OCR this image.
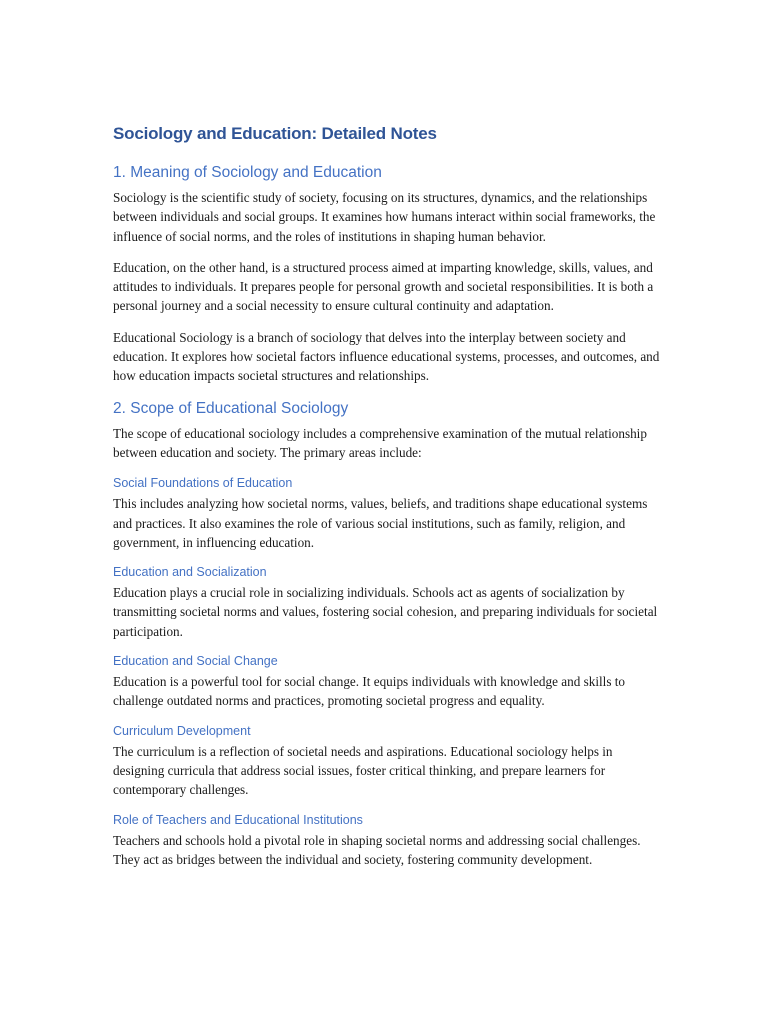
Sociology and Education: Detailed Notes
1. Meaning of Sociology and Education

Sociology is the scientific study of society, focusing on its structures, dynamics, and the relationships between individuals and social groups. It examines how humans interact within social frameworks, the influence of social norms, and the roles of institutions in shaping human behavior.

Education, on the other hand, is a structured process aimed at imparting knowledge, skills, values, and attitudes to individuals. It prepares people for personal growth and societal responsibilities. It is both a personal journey and a social necessity to ensure cultural continuity and adaptation.

Educational Sociology is a branch of sociology that delves into the interplay between society and education. It explores how societal factors influence educational systems, processes, and outcomes, and how education impacts societal structures and relationships.

2. Scope of Educational Sociology

The scope of educational sociology includes a comprehensive examination of the mutual relationship between education and society. The primary areas include:

Social Foundations of Education

This includes analyzing how societal norms, values, beliefs, and traditions shape educational systems and practices. It also examines the role of various social institutions, such as family, religion, and government, in influencing education.

Education and Socialization

Education plays a crucial role in socializing individuals. Schools act as agents of socialization by transmitting societal norms and values, fostering social cohesion, and preparing individuals for societal participation.

Education and Social Change

Education is a powerful tool for social change. It equips individuals with knowledge and skills to challenge outdated norms and practices, promoting societal progress and equality.

Curriculum Development

The curriculum is a reflection of societal needs and aspirations. Educational sociology helps in designing curricula that address social issues, foster critical thinking, and prepare learners for contemporary challenges.

Role of Teachers and Educational Institutions

Teachers and schools hold a pivotal role in shaping societal norms and addressing social challenges. They act as bridges between the individual and society, fostering community development.
